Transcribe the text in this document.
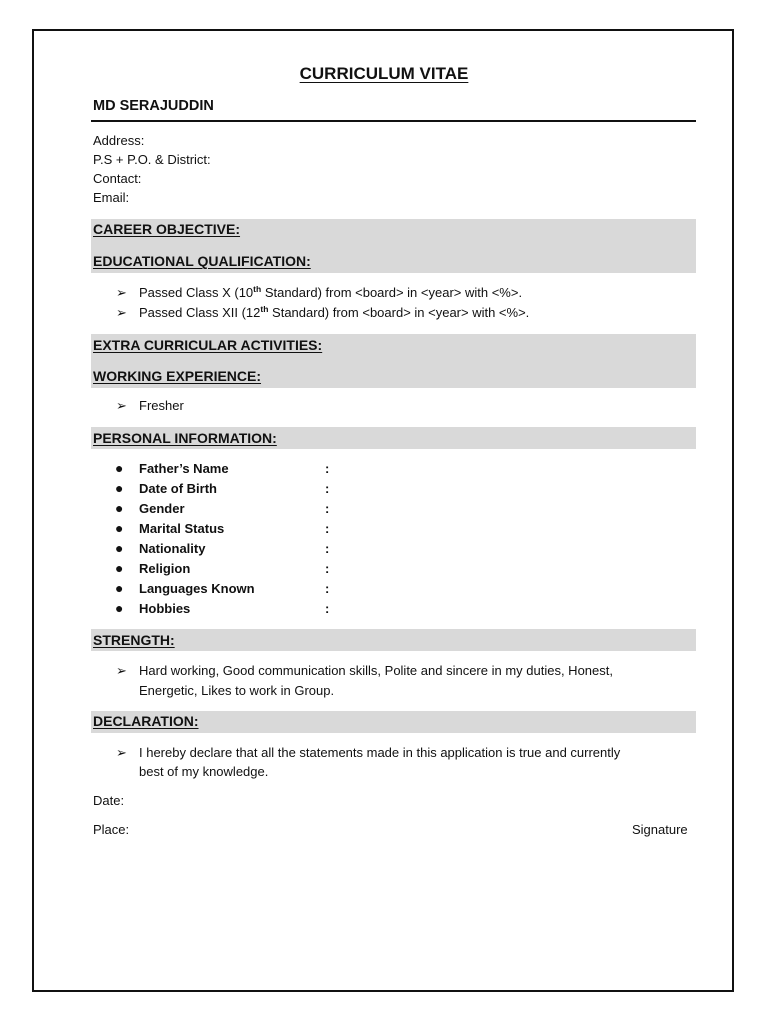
CURRICULUM VITAE
MD SERAJUDDIN
Address:
P.S + P.O. & District:
Contact:
Email:
CAREER OBJECTIVE:
EDUCATIONAL QUALIFICATION:
➢ Passed Class X (10th Standard) from <board> in <year> with <%>.
➢ Passed Class XII (12th Standard) from <board> in <year> with <%>.
EXTRA CURRICULAR ACTIVITIES:
WORKING EXPERIENCE:
➢ Fresher
PERSONAL INFORMATION:
● Father’s Name	:
● Date of Birth	:
● Gender	:
● Marital Status	:
● Nationality	:
● Religion	:
● Languages Known	:
● Hobbies	:
STRENGTH:
➢ Hard working, Good communication skills, Polite and sincere in my duties, Honest,
Energetic, Likes to work in Group.
DECLARATION:
➢ I hereby declare that all the statements made in this application is true and currently
best of my knowledge.
Date:
Place:	Signature
